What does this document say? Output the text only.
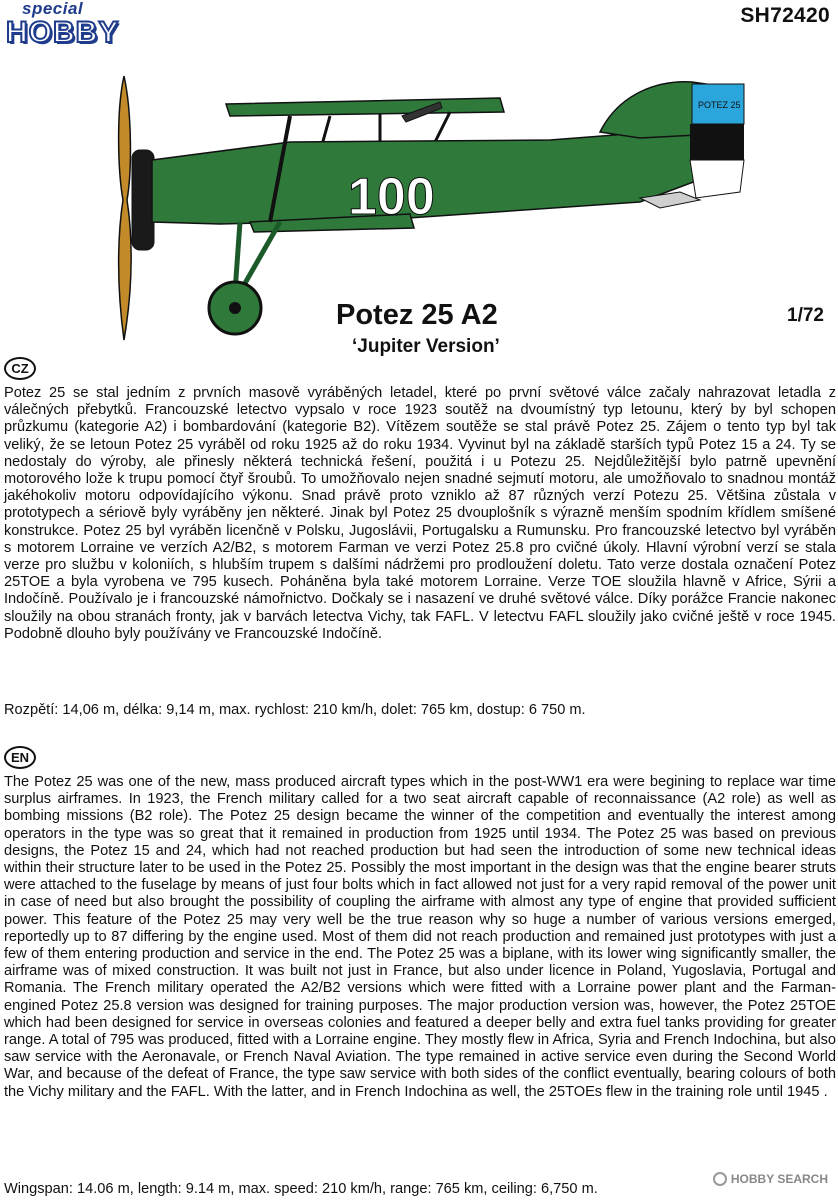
special
HOBBY
SH72420
POTEZ 25
100
Potez 25 A2
‘Jupiter Version’
1/72
CZ

Potez 25 se stal jedním z prvních masově vyráběných letadel, které po první světové válce začaly nahrazovat letadla z válečných přebytků. Francouzské letectvo vypsalo v roce 1923 soutěž na dvoumístný typ letounu, který by byl schopen průzkumu (kategorie A2) i bombardování (kategorie B2). Vítězem soutěže se stal právě Potez 25. Zájem o tento typ byl tak veliký, že se letoun Potez 25 vyráběl od roku 1925 až do roku 1934. Vyvinut byl na základě starších typů Potez 15 a 24. Ty se nedostaly do výroby, ale přinesly některá technická řešení, použitá i u Potezu 25. Nejdůležitější bylo patrně upevnění motorového lože k trupu pomocí čtyř šroubů. To umožňovalo nejen snadné sejmutí motoru, ale umožňovalo to snadnou montáž jakéhokoliv motoru odpovídajícího výkonu. Snad právě proto vzniklo až 87 různých verzí Potezu 25. Většina zůstala v prototypech a sériově byly vyráběny jen některé. Jinak byl Potez 25 dvouplošník s výrazně menším spodním křídlem smíšené konstrukce. Potez 25 byl vyráběn licenčně v Polsku, Jugoslávii, Portugalsku a Rumunsku. Pro francouzské letectvo byl vyráběn s motorem Lorraine ve verzích A2/B2, s motorem Farman ve verzi Potez 25.8 pro cvičné úkoly. Hlavní výrobní verzí se stala verze pro službu v koloniích, s hlubším trupem s dalšími nádržemi pro prodloužení doletu. Tato verze dostala označení Potez 25TOE a byla vyrobena ve 795 kusech. Poháněna byla také motorem Lorraine. Verze TOE sloužila hlavně v Africe, Sýrii a Indočíně. Používalo je i francouzské námořnictvo. Dočkaly se i nasazení ve druhé světové válce. Díky porážce Francie nakonec sloužily na obou stranách fronty, jak v barvách letectva Vichy, tak FAFL. V letectvu FAFL sloužily jako cvičné ještě v roce 1945. Podobně dlouho byly používány ve Francouzské Indočíně.

Rozpětí: 14,06 m, délka: 9,14 m, max. rychlost: 210 km/h, dolet: 765 km, dostup: 6 750 m.

EN

The Potez 25 was one of the new, mass produced aircraft types which in the post-WW1 era were begining to replace war time surplus airframes. In 1923, the French military called for a two seat aircraft capable of reconnaissance (A2 role) as well as bombing missions (B2 role). The Potez 25 design became the winner of the competition and eventually the interest among operators in the type was so great that it remained in production from 1925 until 1934. The Potez 25 was based on previous designs, the Potez 15 and 24, which had not reached production but had seen the introduction of some new technical ideas within their structure later to be used in the Potez 25. Possibly the most important in the design was that the engine bearer struts were attached to the fuselage by means of just four bolts which in fact allowed not just for a very rapid removal of the power unit in case of need but also brought the possibility of coupling the airframe with almost any type of engine that provided sufficient power. This feature of the Potez 25 may very well be the true reason why so huge a number of various versions emerged, reportedly up to 87 differing by the engine used. Most of them did not reach production and remained just prototypes with just a few of them entering production and service in the end. The Potez 25 was a biplane, with its lower wing significantly smaller, the airframe was of mixed construction. It was built not just in France, but also under licence in Poland, Yugoslavia, Portugal and Romania. The French military operated the A2/B2 versions which were fitted with a Lorraine power plant and the Farman-engined Potez 25.8 version was designed for training purposes. The major production version was, however, the Potez 25TOE which had been designed for service in overseas colonies and featured a deeper belly and extra fuel tanks providing for greater range. A total of 795 was produced, fitted with a Lorraine engine. They mostly flew in Africa, Syria and French Indochina, but also saw service with the Aeronavale, or French Naval Aviation. The type remained in active service even during the Second World War, and because of the defeat of France, the type saw service with both sides of the conflict eventually, bearing colours of both the Vichy military and the FAFL. With the latter, and in French Indochina as well, the 25TOEs flew in the training role until 1945 .

Wingspan: 14.06 m, length: 9.14 m, max. speed: 210 km/h, range: 765 km, ceiling: 6,750 m.

HOBBY SEARCH
